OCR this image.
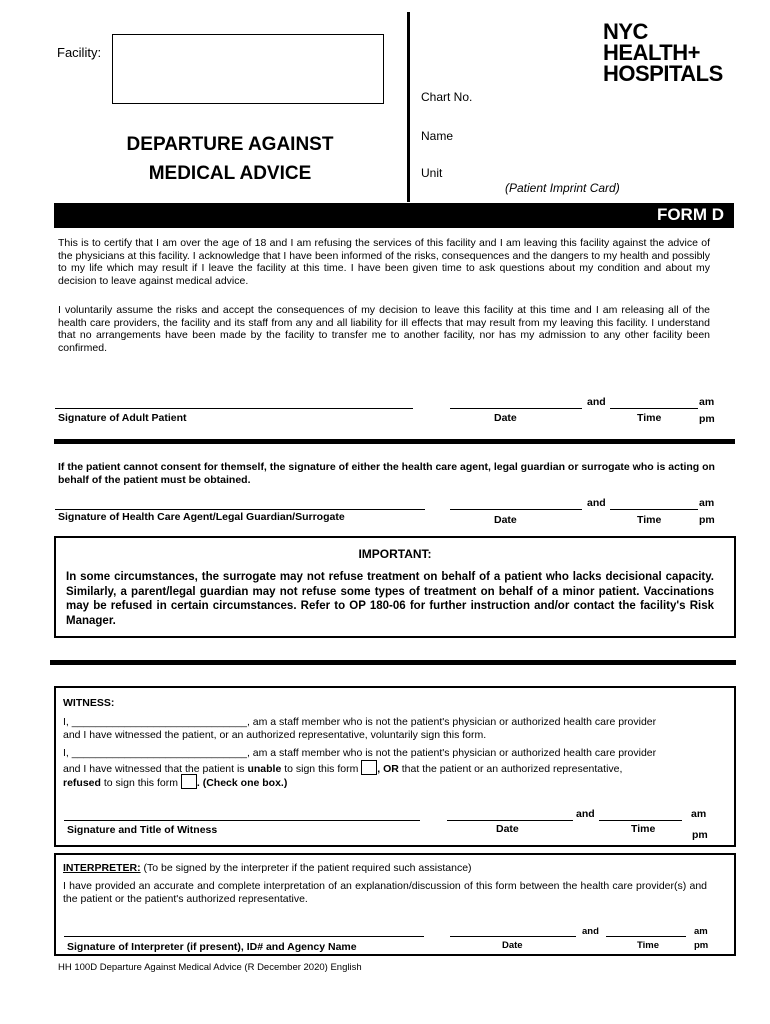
Facility:
DEPARTURE AGAINST
MEDICAL ADVICE
Chart No.
Name
Unit
(Patient Imprint Card)
NYC
HEALTH+
HOSPITALS
FORM D
This is to certify that I am over the age of 18 and I am refusing the services of this facility and I am leaving this facility against the advice of the physicians at this facility. I acknowledge that I have been informed of the risks, consequences and the dangers to my health and possibly to my life which may result if I leave the facility at this time. I have been given time to ask questions about my condition and about my decision to leave against medical advice.
I voluntarily assume the risks and accept the consequences of my decision to leave this facility at this time and I am releasing all of the health care providers, the facility and its staff from any and all liability for ill effects that may result from my leaving this facility. I understand that no arrangements have been made by the facility to transfer me to another facility, nor has my admission to any other facility been confirmed.
and	am
Signature of Adult Patient	Date	Time	pm
If the patient cannot consent for themself, the signature of either the health care agent, legal guardian or surrogate who is acting on behalf of the patient must be obtained.
and	am
Signature of Health Care Agent/Legal Guardian/Surrogate	Date	Time	pm
IMPORTANT:
In some circumstances, the surrogate may not refuse treatment on behalf of a patient who lacks decisional capacity. Similarly, a parent/legal guardian may not refuse some types of treatment on behalf of a minor patient. Vaccinations may be refused in certain circumstances. Refer to OP 180-06 for further instruction and/or contact the facility's Risk Manager.
WITNESS:
I, ______________________________, am a staff member who is not the patient's physician or authorized health care provider
and I have witnessed the patient, or an authorized representative, voluntarily sign this form.
I, ______________________________, am a staff member who is not the patient's physician or authorized health care provider
and I have witnessed that the patient is unable to sign this form , OR that the patient or an authorized representative,
refused to sign this form . (Check one box.)
and	am
Signature and Title of Witness	Date	Time	pm
INTERPRETER: (To be signed by the interpreter if the patient required such assistance)
I have provided an accurate and complete interpretation of an explanation/discussion of this form between the health care provider(s) and the patient or the patient's authorized representative.
and	am
Signature of Interpreter (if present), ID# and Agency Name	Date	Time	pm
HH 100D Departure Against Medical Advice (R December 2020) English
